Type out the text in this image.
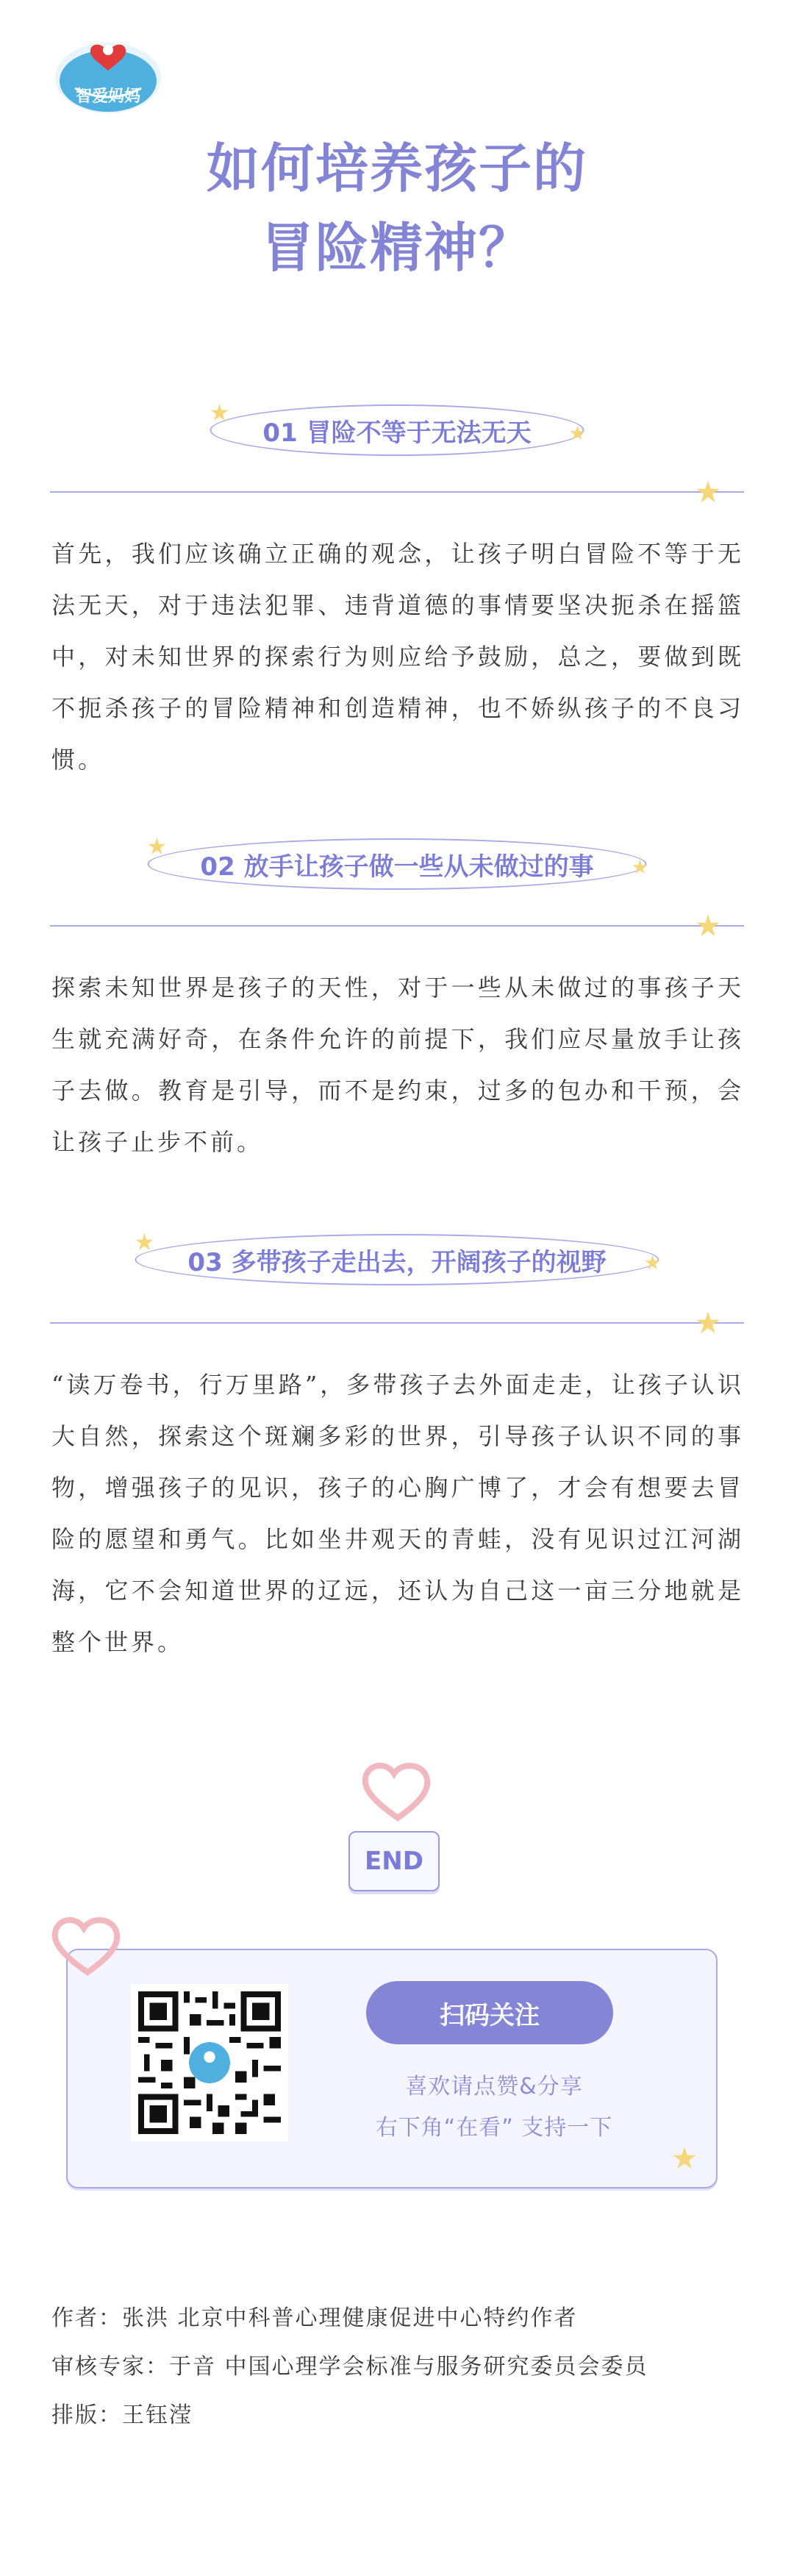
智爱妈妈
如何培养孩子的
冒险精神？
01 冒险不等于无法无天
首先，我们应该确立正确的观念，让孩子明白冒险不等于无法无天，对于违法犯罪、违背道德的事情要坚决扼杀在摇篮中，对未知世界的探索行为则应给予鼓励，总之，要做到既不扼杀孩子的冒险精神和创造精神，也不娇纵孩子的不良习惯。
02 放手让孩子做一些从未做过的事
探索未知世界是孩子的天性，对于一些从未做过的事孩子天生就充满好奇，在条件允许的前提下，我们应尽量放手让孩子去做。教育是引导，而不是约束，过多的包办和干预，会让孩子止步不前。
03 多带孩子走出去，开阔孩子的视野
“读万卷书，行万里路”，多带孩子去外面走走，让孩子认识大自然，探索这个斑斓多彩的世界，引导孩子认识不同的事物，增强孩子的见识，孩子的心胸广博了，才会有想要去冒险的愿望和勇气。比如坐井观天的青蛙，没有见识过江河湖海，它不会知道世界的辽远，还认为自己这一亩三分地就是整个世界。
END
扫码关注
喜欢请点赞&分享
右下角“在看” 支持一下
作者：张洪 北京中科普心理健康促进中心特约作者
审核专家：于音 中国心理学会标准与服务研究委员会委员
排版：王钰滢
